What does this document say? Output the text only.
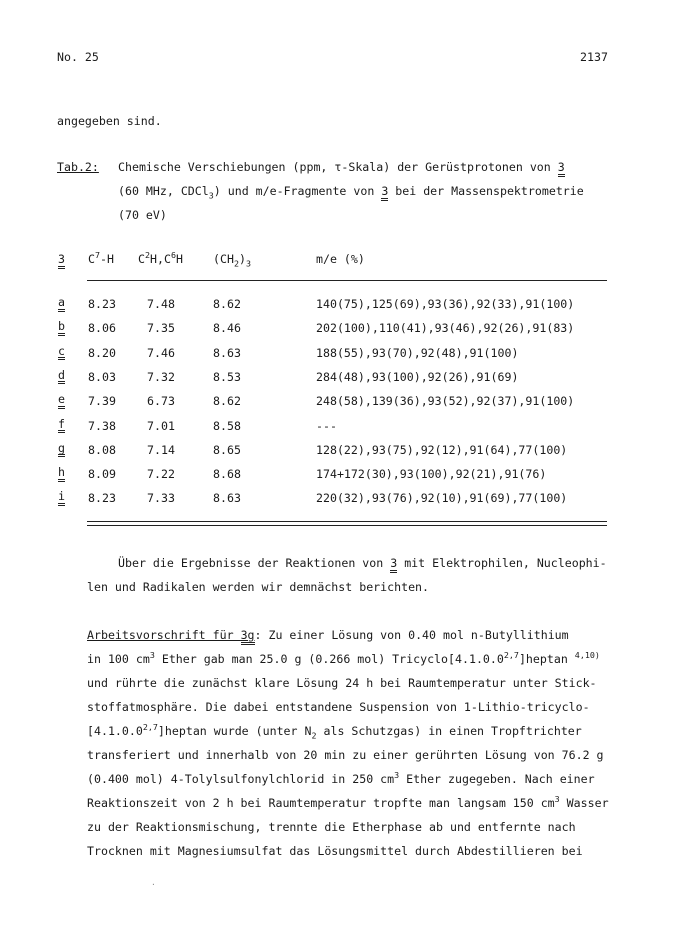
No. 25	2137
angegeben sind.
Tab.2: Chemische Verschiebungen (ppm, τ-Skala) der Gerüstprotonen von 3
(60 MHz, CDCl$_3$) und m/e-Fragmente von 3 bei der Massenspektrometrie
(70 eV)
3 $C^7-H$ $C^2H,C^6H$	$(CH_2)_3$	m/e (%)
a 8.23	7.48	8.62	140(75),125(69),93(36),92(33),91(100)
b 8.06	7.35	8.46	202(100),110(41),93(46),92(26),91(83)
c 8.20	7.46	8.63	188(55),93(70),92(48),91(100)
d 8.03	7.32	8.53	284(48),93(100),92(26),91(69)
e 7.39	6.73	8.62	248(58),139(36),93(52),92(37),91(100)
f 7.38	7.01	8.58	---
g 8.08	7.14	8.65	128(22),93(75),92(12),91(64),77(100)
h 8.09	7.22	8.68	174+172(30),93(100),92(21),91(76)
i 8.23	7.33	8.63	220(32),93(76),92(10),91(69),77(100)
Über die Ergebnisse der Reaktionen von 3 mit Elektrophilen, Nucleophi-
len und Radikalen werden wir demnächst berichten.
Arbeitsvorschrift für 3g: Zu einer Lösung von 0.40 mol n-Butyllithium
in 100 $cm^3$ Ether gab man 25.0 g (0.266 mol) Tricyclo[4.1.0.0$^{2,7}$]heptan $^{4,10)}$
und rührte die zunächst klare Lösung 24 h bei Raumtemperatur unter Stick-
stoffatmosphäre. Die dabei entstandene Suspension von 1-Lithio-tricyclo-
[4.1.0.0$^{2,7}$]heptan wurde (unter $N_2$ als Schutzgas) in einen Tropftrichter
transferiert und innerhalb von 20 min zu einer gerührten Lösung von 76.2 g
(0.400 mol) 4-Tolylsulfonylchlorid in 250 $cm^3$ Ether zugegeben. Nach einer
Reaktionszeit von 2 h bei Raumtemperatur tropfte man langsam 150 $cm^3$ Wasser
zu der Reaktionsmischung, trennte die Etherphase ab und entfernte nach
Trocknen mit Magnesiumsulfat das Lösungsmittel durch Abdestillieren bei
·
